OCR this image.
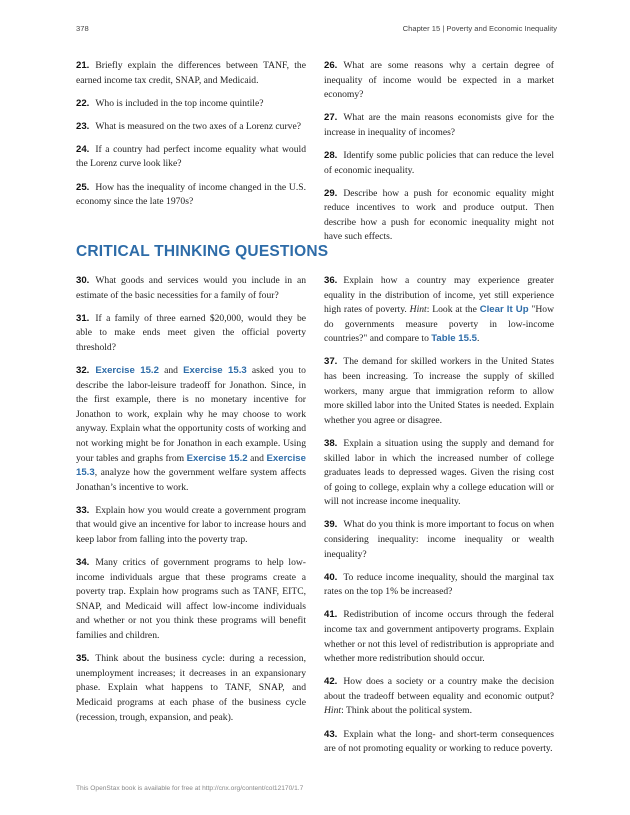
378	Chapter 15 | Poverty and Economic Inequality

21. Briefly explain the differences between TANF, the earned income tax credit, SNAP, and Medicaid.

22. Who is included in the top income quintile?

23. What is measured on the two axes of a Lorenz curve?

24. If a country had perfect income equality what would the Lorenz curve look like?

25. How has the inequality of income changed in the U.S. economy since the late 1970s?

26. What are some reasons why a certain degree of inequality of income would be expected in a market economy?

27. What are the main reasons economists give for the increase in inequality of incomes?

28. Identify some public policies that can reduce the level of economic inequality.

29. Describe how a push for economic equality might reduce incentives to work and produce output. Then describe how a push for economic inequality might not have such effects.

CRITICAL THINKING QUESTIONS

30. What goods and services would you include in an estimate of the basic necessities for a family of four?

31. If a family of three earned $20,000, would they be able to make ends meet given the official poverty threshold?

32. Exercise 15.2 and Exercise 15.3 asked you to describe the labor-leisure tradeoff for Jonathon. Since, in the first example, there is no monetary incentive for Jonathon to work, explain why he may choose to work anyway. Explain what the opportunity costs of working and not working might be for Jonathon in each example. Using your tables and graphs from Exercise 15.2 and Exercise 15.3, analyze how the government welfare system affects Jonathan’s incentive to work.

33. Explain how you would create a government program that would give an incentive for labor to increase hours and keep labor from falling into the poverty trap.

34. Many critics of government programs to help low-income individuals argue that these programs create a poverty trap. Explain how programs such as TANF, EITC, SNAP, and Medicaid will affect low-income individuals and whether or not you think these programs will benefit families and children.

35. Think about the business cycle: during a recession, unemployment increases; it decreases in an expansionary phase. Explain what happens to TANF, SNAP, and Medicaid programs at each phase of the business cycle (recession, trough, expansion, and peak).

36. Explain how a country may experience greater equality in the distribution of income, yet still experience high rates of poverty. Hint: Look at the Clear It Up "How do governments measure poverty in low-income countries?" and compare to Table 15.5.

37. The demand for skilled workers in the United States has been increasing. To increase the supply of skilled workers, many argue that immigration reform to allow more skilled labor into the United States is needed. Explain whether you agree or disagree.

38. Explain a situation using the supply and demand for skilled labor in which the increased number of college graduates leads to depressed wages. Given the rising cost of going to college, explain why a college education will or will not increase income inequality.

39. What do you think is more important to focus on when considering inequality: income inequality or wealth inequality?

40. To reduce income inequality, should the marginal tax rates on the top 1% be increased?

41. Redistribution of income occurs through the federal income tax and government antipoverty programs. Explain whether or not this level of redistribution is appropriate and whether more redistribution should occur.

42. How does a society or a country make the decision about the tradeoff between equality and economic output? Hint: Think about the political system.

43. Explain what the long- and short-term consequences are of not promoting equality or working to reduce poverty.

This OpenStax book is available for free at http://cnx.org/content/col12170/1.7
